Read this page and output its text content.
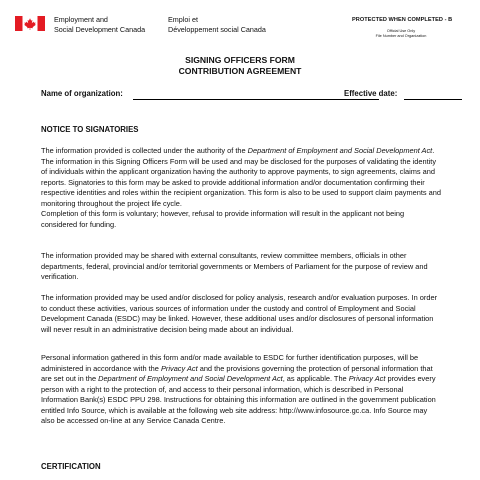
Employment and
Social Development Canada
Emploi et
Développement social Canada
PROTECTED WHEN COMPLETED - B
Official Use Only
File Number and Organization
SIGNING OFFICERS FORM
CONTRIBUTION AGREEMENT
Name of organization:	Effective date:
NOTICE TO SIGNATORIES

The information provided is collected under the authority of the Department of Employment and Social Development Act. The information in this Signing Officers Form will be used and may be disclosed for the purposes of validating the identity of individuals within the applicant organization having the authority to approve payments, to sign agreements, claims and reports. Signatories to this form may be asked to provide additional information and/or documentation confirming their respective identities and roles within the recipient organization. This form is also to be used to support claim payments and monitoring throughout the project life cycle.

Completion of this form is voluntary; however, refusal to provide information will result in the applicant not being considered for funding.

The information provided may be shared with external consultants, review committee members, officials in other departments, federal, provincial and/or territorial governments or Members of Parliament for the purpose of review and verification.
The information provided may be used and/or disclosed for policy analysis, research and/or evaluation purposes. In order to conduct these activities, various sources of information under the custody and control of Employment and Social Development Canada (ESDC) may be linked. However, these additional uses and/or disclosures of personal information will never result in an administrative decision being made about an individual.
Personal information gathered in this form and/or made available to ESDC for further identification purposes, will be administered in accordance with the Privacy Act and the provisions governing the protection of personal information that are set out in the Department of Employment and Social Development Act, as applicable. The Privacy Act provides every person with a right to the protection of, and access to their personal information, which is described in Personal Information Bank(s) ESDC PPU 298. Instructions for obtaining this information are outlined in the government publication entitled Info Source, which is available at the following web site address: http://www.infosource.gc.ca. Info Source may also be accessed on-line at any Service Canada Centre.
CERTIFICATION
